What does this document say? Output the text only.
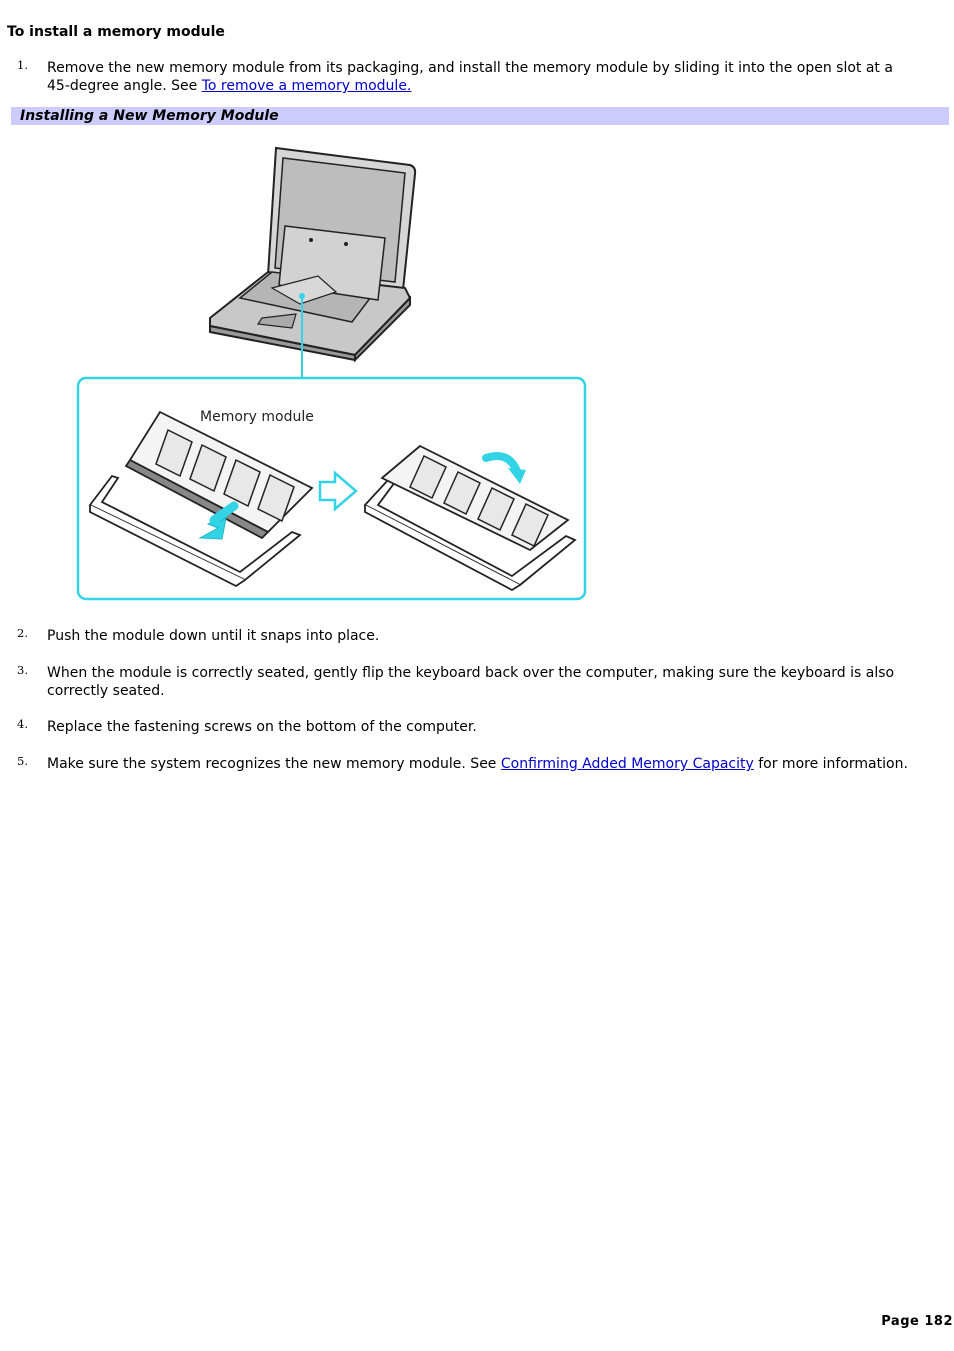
To install a memory module
1. Remove the new memory module from its packaging, and install the memory module by sliding it into the open slot at a 45-degree angle. See To remove a memory module.
Installing a New Memory Module
Memory module
2. Push the module down until it snaps into place.
3. When the module is correctly seated, gently flip the keyboard back over the computer, making sure the keyboard is also correctly seated.
4. Replace the fastening screws on the bottom of the computer.
5. Make sure the system recognizes the new memory module. See Confirming Added Memory Capacity for more information.
Page 182
